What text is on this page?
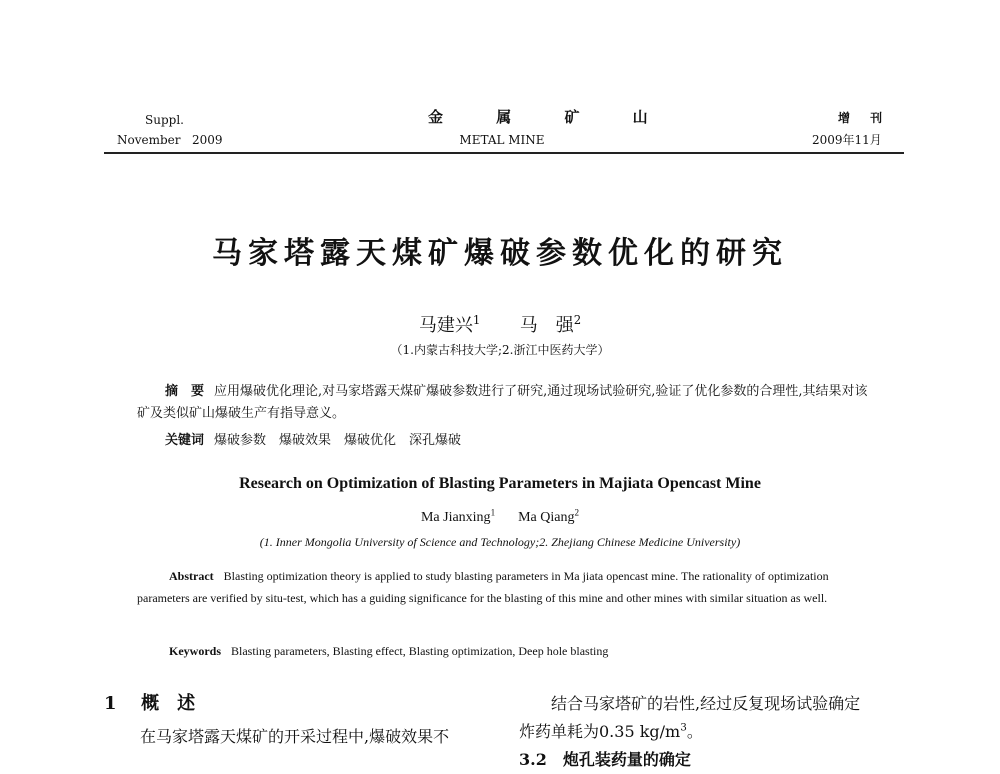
Suppl.
November   2009
金 属 矿 山
METAL MINE
增 刊
2009年11月
马家塔露天煤矿爆破参数优化的研究
马建兴$^1$ 马　强$^2$
（1.内蒙古科技大学;2.浙江中医药大学）
摘　要 应用爆破优化理论,对马家塔露天煤矿爆破参数进行了研究,通过现场试验研究,验证了优化参数的合理性,其结果对该矿及类似矿山爆破生产有指导意义。
关键词 爆破参数　爆破效果　爆破优化　深孔爆破
Research on Optimization of Blasting Parameters in Majiata Opencast Mine
Ma Jianxing$^1$ Ma Qiang$^2$
(1. Inner Mongolia University of Science and Technology;2. Zhejiang Chinese Medicine University)
Abstract Blasting optimization theory is applied to study blasting parameters in Ma jiata opencast mine. The rationality of optimization parameters are verified by situ-test, which has a guiding significance for the blasting of this mine and other mines with similar situation as well.
Keywords Blasting parameters, Blasting effect, Blasting optimization, Deep hole blasting
1 概　述
在马家塔露天煤矿的开采过程中,爆破效果不
结合马家塔矿的岩性,经过反复现场试验确定
炸药单耗为0.35 $kg/m^3$。
3.2　炮孔装药量的确定
